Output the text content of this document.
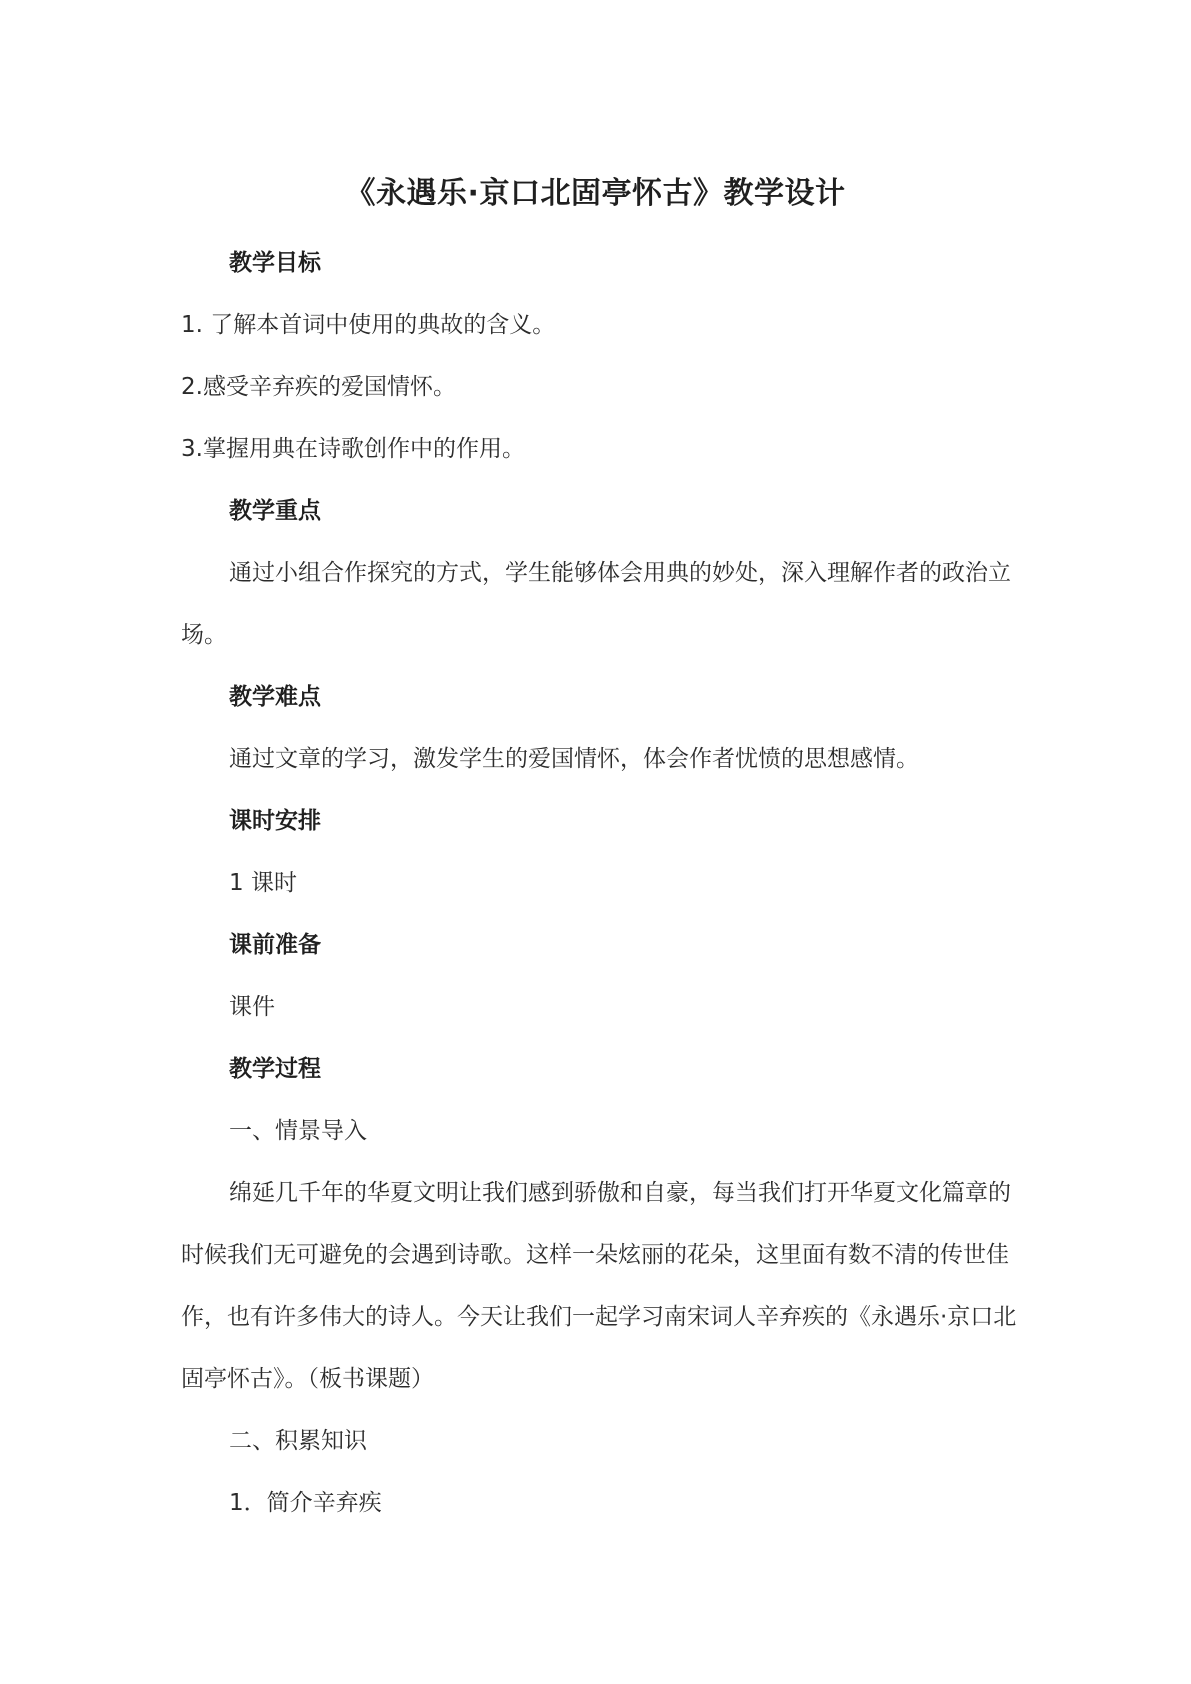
《永遇乐·京口北固亭怀古》教学设计

教学目标

1. 了解本首词中使用的典故的含义。

2.感受辛弃疾的爱国情怀。

3.掌握用典在诗歌创作中的作用。

教学重点

通过小组合作探究的方式，学生能够体会用典的妙处，深入理解作者的政治立场。

教学难点

通过文章的学习，激发学生的爱国情怀，体会作者忧愤的思想感情。

课时安排

1 课时

课前准备

课件

教学过程

一、情景导入

绵延几千年的华夏文明让我们感到骄傲和自豪，每当我们打开华夏文化篇章的时候我们无可避免的会遇到诗歌。这样一朵炫丽的花朵，这里面有数不清的传世佳作，也有许多伟大的诗人。今天让我们一起学习南宋词人辛弃疾的《永遇乐·京口北固亭怀古》。（板书课题）

二、积累知识

1．简介辛弃疾
